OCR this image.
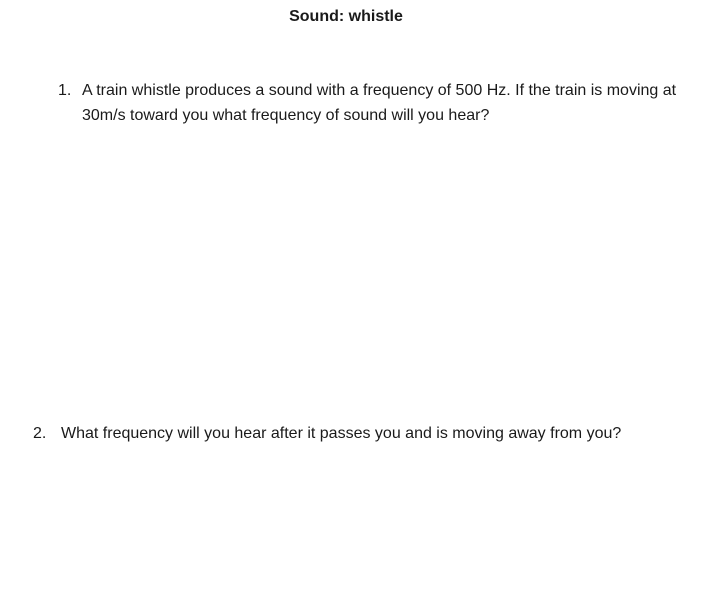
Sound: whistle
1. A train whistle produces a sound with a frequency of 500 Hz. If the train is moving at 30m/s toward you what frequency of sound will you hear?
2. What frequency will you hear after it passes you and is moving away from you?
